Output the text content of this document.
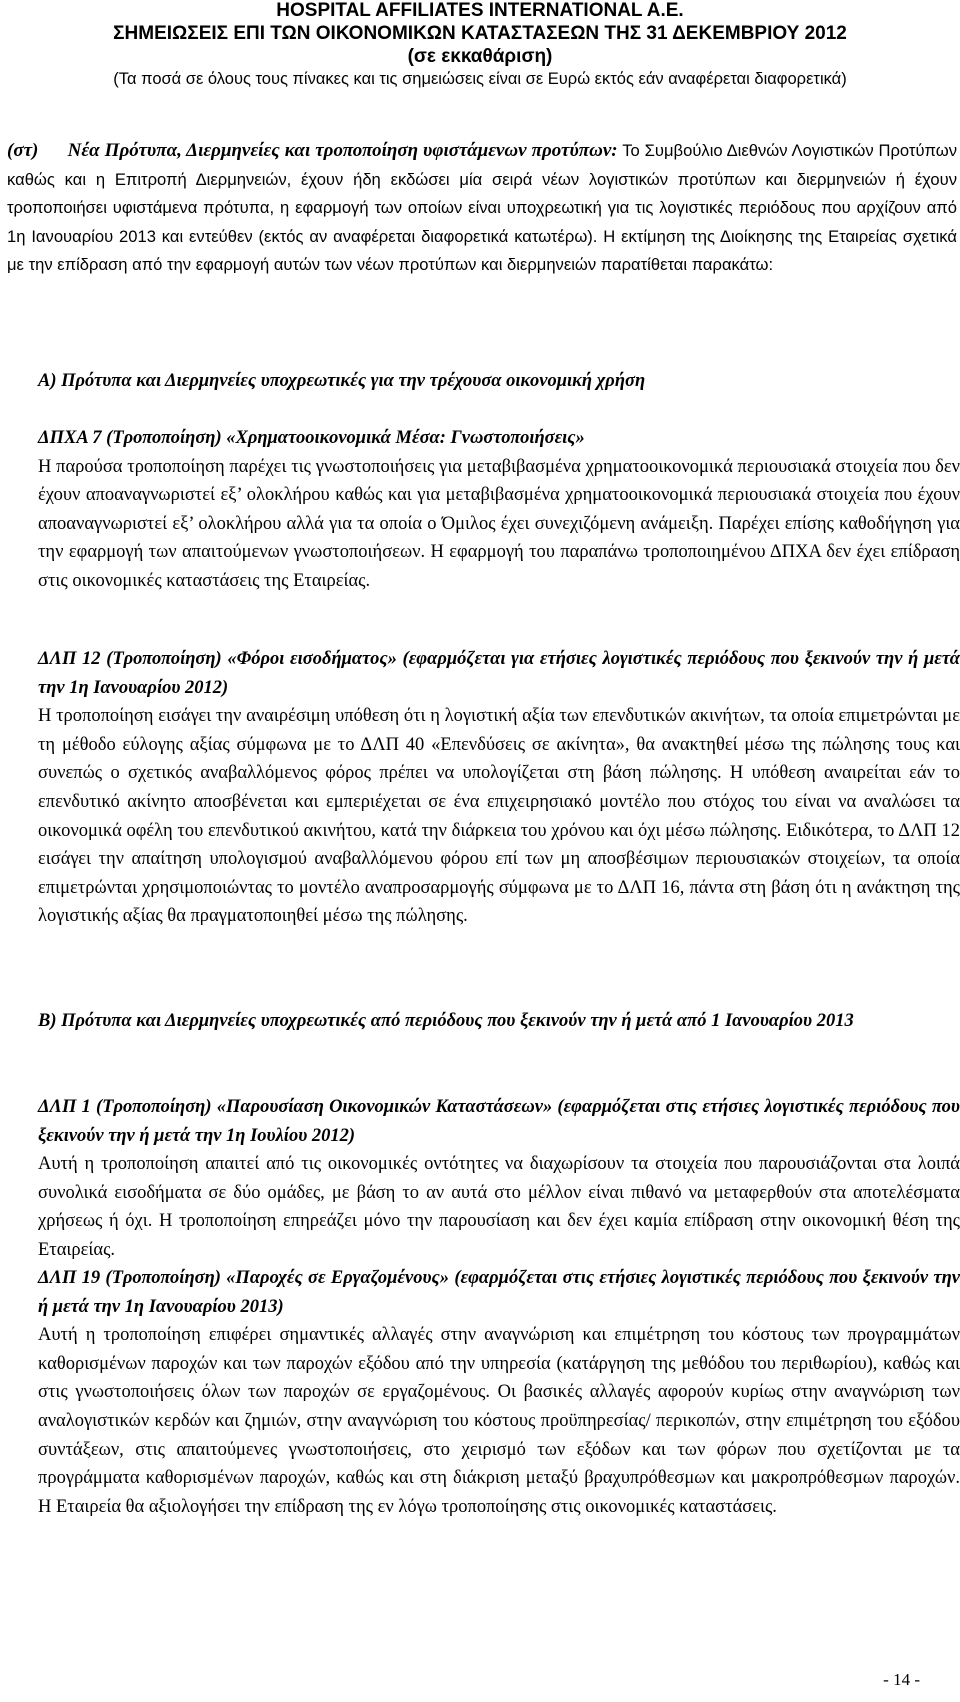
HOSPITAL AFFILIATES INTERNATIONAL A.E.
ΣΗΜΕΙΩΣΕΙΣ ΕΠΙ ΤΩΝ ΟΙΚΟΝΟΜΙΚΩΝ ΚΑΤΑΣΤΑΣΕΩΝ ΤΗΣ 31 ΔΕΚΕΜΒΡΙΟΥ 2012
(σε εκκαθάριση)
(Τα ποσά σε όλους τους πίνακες και τις σημειώσεις είναι σε Ευρώ εκτός εάν αναφέρεται διαφορετικά)

(στ) Νέα Πρότυπα, Διερμηνείες και τροποποίηση υφιστάμενων προτύπων: Το Συμβούλιο Διεθνών Λογιστικών Προτύπων καθώς και η Επιτροπή Διερμηνειών, έχουν ήδη εκδώσει μία σειρά νέων λογιστικών προτύπων και διερμηνειών ή έχουν τροποποιήσει υφιστάμενα πρότυπα, η εφαρμογή των οποίων είναι υποχρεωτική για τις λογιστικές περιόδους που αρχίζουν από 1η Ιανουαρίου 2013 και εντεύθεν (εκτός αν αναφέρεται διαφορετικά κατωτέρω). Η εκτίμηση της Διοίκησης της Εταιρείας σχετικά με την επίδραση από την εφαρμογή αυτών των νέων προτύπων και διερμηνειών παρατίθεται παρακάτω:

Α) Πρότυπα και Διερμηνείες υποχρεωτικές για την τρέχουσα οικονομική χρήση

ΔΠΧΑ 7 (Τροποποίηση) «Χρηματοοικονομικά Μέσα: Γνωστοποιήσεις»

Η παρούσα τροποποίηση παρέχει τις γνωστοποιήσεις για μεταβιβασμένα χρηματοοικονομικά περιουσιακά στοιχεία που δεν έχουν αποαναγνωριστεί εξ’ ολοκλήρου καθώς και για μεταβιβασμένα χρηματοοικονομικά περιουσιακά στοιχεία που έχουν αποαναγνωριστεί εξ’ ολοκλήρου αλλά για τα οποία ο Όμιλος έχει συνεχιζόμενη ανάμειξη. Παρέχει επίσης καθοδήγηση για την εφαρμογή των απαιτούμενων γνωστοποιήσεων. Η εφαρμογή του παραπάνω τροποποιημένου ΔΠΧΑ δεν έχει επίδραση στις οικονομικές καταστάσεις της Εταιρείας.

ΔΛΠ 12 (Τροποποίηση) «Φόροι εισοδήματος» (εφαρμόζεται για ετήσιες λογιστικές περιόδους που ξεκινούν την ή μετά την 1η Ιανουαρίου 2012)

Η τροποποίηση εισάγει την αναιρέσιμη υπόθεση ότι η λογιστική αξία των επενδυτικών ακινήτων, τα οποία επιμετρώνται με τη μέθοδο εύλογης αξίας σύμφωνα με το ΔΛΠ 40 «Επενδύσεις σε ακίνητα», θα ανακτηθεί μέσω της πώλησης τους και συνεπώς ο σχετικός αναβαλλόμενος φόρος πρέπει να υπολογίζεται στη βάση πώλησης. Η υπόθεση αναιρείται εάν το επενδυτικό ακίνητο αποσβένεται και εμπεριέχεται σε ένα επιχειρησιακό μοντέλο που στόχος του είναι να αναλώσει τα οικονομικά οφέλη του επενδυτικού ακινήτου, κατά την διάρκεια του χρόνου και όχι μέσω πώλησης. Ειδικότερα, το ΔΛΠ 12 εισάγει την απαίτηση υπολογισμού αναβαλλόμενου φόρου επί των μη αποσβέσιμων περιουσιακών στοιχείων, τα οποία επιμετρώνται χρησιμοποιώντας το μοντέλο αναπροσαρμογής σύμφωνα με το ΔΛΠ 16, πάντα στη βάση ότι η ανάκτηση της λογιστικής αξίας θα πραγματοποιηθεί μέσω της πώλησης.

Β) Πρότυπα και Διερμηνείες υποχρεωτικές από περιόδους που ξεκινούν την ή μετά από 1 Ιανουαρίου 2013

ΔΛΠ 1 (Τροποποίηση) «Παρουσίαση Οικονομικών Καταστάσεων» (εφαρμόζεται στις ετήσιες λογιστικές περιόδους που ξεκινούν την ή μετά την 1η Ιουλίου 2012)

Αυτή η τροποποίηση απαιτεί από τις οικονομικές οντότητες να διαχωρίσουν τα στοιχεία που παρουσιάζονται στα λοιπά συνολικά εισοδήματα σε δύο ομάδες, με βάση το αν αυτά στο μέλλον είναι πιθανό να μεταφερθούν στα αποτελέσματα χρήσεως ή όχι. Η τροποποίηση επηρεάζει μόνο την παρουσίαση και δεν έχει καμία επίδραση στην οικονομική θέση της Εταιρείας.

ΔΛΠ 19 (Τροποποίηση) «Παροχές σε Εργαζομένους» (εφαρμόζεται στις ετήσιες λογιστικές περιόδους που ξεκινούν την ή μετά την 1η Ιανουαρίου 2013)

Αυτή η τροποποίηση επιφέρει σημαντικές αλλαγές στην αναγνώριση και επιμέτρηση του κόστους των προγραμμάτων καθορισμένων παροχών και των παροχών εξόδου από την υπηρεσία (κατάργηση της μεθόδου του περιθωρίου), καθώς και στις γνωστοποιήσεις όλων των παροχών σε εργαζομένους. Οι βασικές αλλαγές αφορούν κυρίως στην αναγνώριση των αναλογιστικών κερδών και ζημιών, στην αναγνώριση του κόστους προϋπηρεσίας/ περικοπών, στην επιμέτρηση του εξόδου συντάξεων, στις απαιτούμενες γνωστοποιήσεις, στο χειρισμό των εξόδων και των φόρων που σχετίζονται με τα προγράμματα καθορισμένων παροχών, καθώς και στη διάκριση μεταξύ βραχυπρόθεσμων και μακροπρόθεσμων παροχών. Η Εταιρεία θα αξιολογήσει την επίδραση της εν λόγω τροποποίησης στις οικονομικές καταστάσεις.

- 14 -
